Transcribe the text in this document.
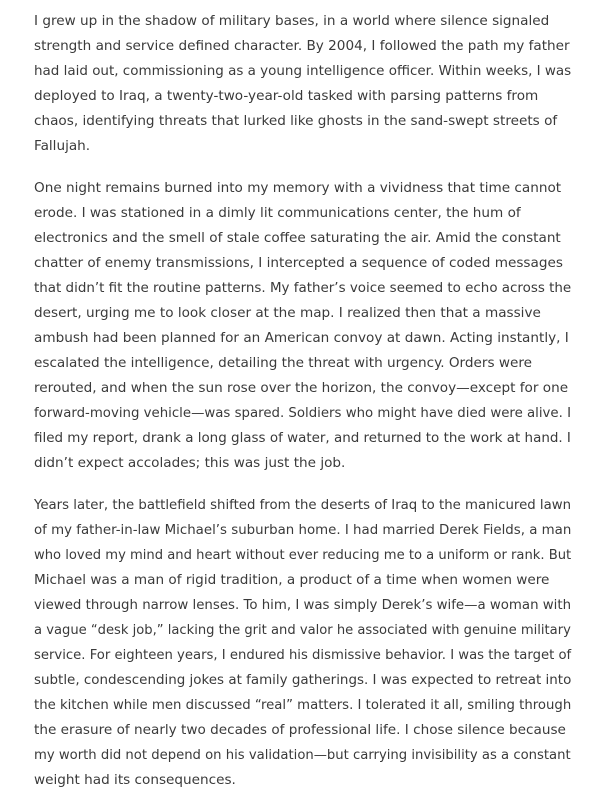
I grew up in the shadow of military bases, in a world where silence signaled
strength and service defined character. By 2004, I followed the path my father
had laid out, commissioning as a young intelligence officer. Within weeks, I was
deployed to Iraq, a twenty-two-year-old tasked with parsing patterns from
chaos, identifying threats that lurked like ghosts in the sand-swept streets of
Fallujah.

One night remains burned into my memory with a vividness that time cannot
erode. I was stationed in a dimly lit communications center, the hum of
electronics and the smell of stale coffee saturating the air. Amid the constant
chatter of enemy transmissions, I intercepted a sequence of coded messages
that didn’t fit the routine patterns. My father’s voice seemed to echo across the
desert, urging me to look closer at the map. I realized then that a massive
ambush had been planned for an American convoy at dawn. Acting instantly, I
escalated the intelligence, detailing the threat with urgency. Orders were
rerouted, and when the sun rose over the horizon, the convoy—except for one
forward-moving vehicle—was spared. Soldiers who might have died were alive. I
filed my report, drank a long glass of water, and returned to the work at hand. I
didn’t expect accolades; this was just the job.

Years later, the battlefield shifted from the deserts of Iraq to the manicured lawn
of my father-in-law Michael’s suburban home. I had married Derek Fields, a man
who loved my mind and heart without ever reducing me to a uniform or rank. But
Michael was a man of rigid tradition, a product of a time when women were
viewed through narrow lenses. To him, I was simply Derek’s wife—a woman with
a vague “desk job,” lacking the grit and valor he associated with genuine military
service. For eighteen years, I endured his dismissive behavior. I was the target of
subtle, condescending jokes at family gatherings. I was expected to retreat into
the kitchen while men discussed “real” matters. I tolerated it all, smiling through
the erasure of nearly two decades of professional life. I chose silence because
my worth did not depend on his validation—but carrying invisibility as a constant
weight had its consequences.
